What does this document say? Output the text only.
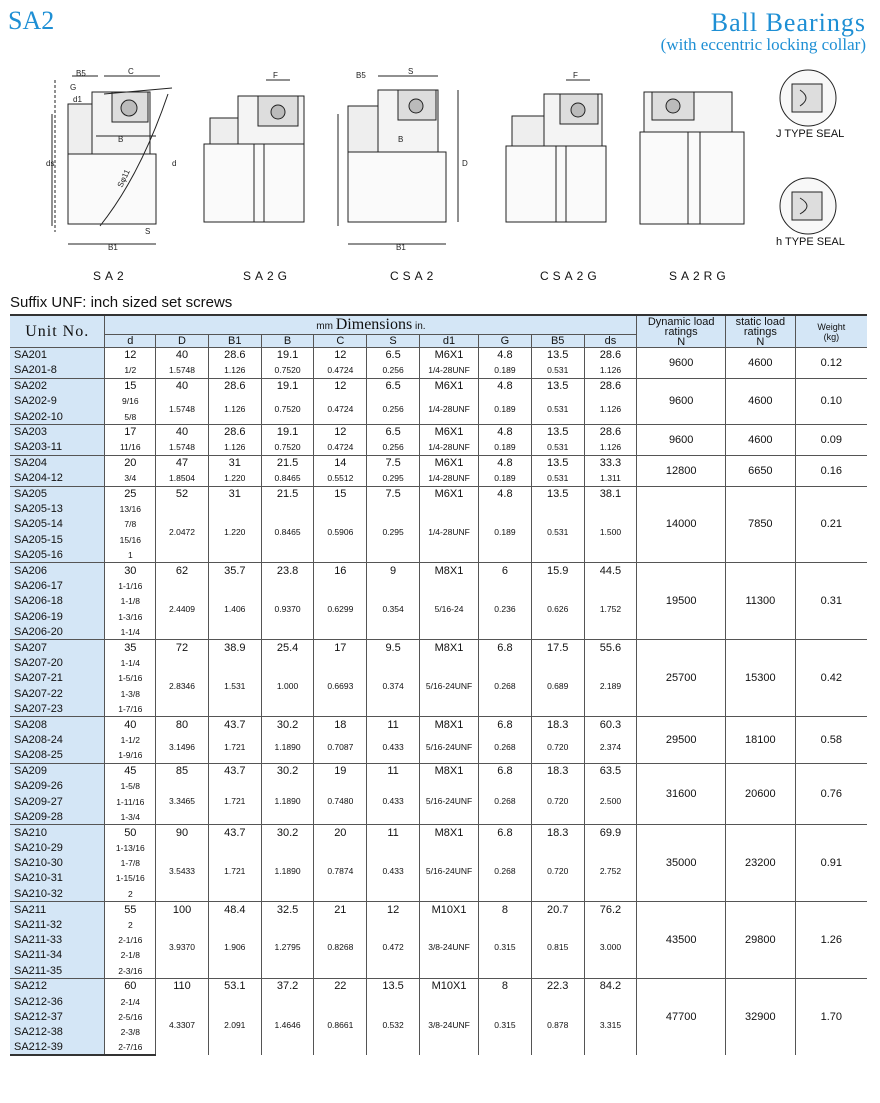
SA2	Ball Bearings
(with eccentric locking collar)
B5	C
G
d1
B
ds	d
B1
S
Sφ11
F	B5	S
B
D
B1
F
SA2	SA2G	CSA2	CSA2G	SA2RG
J TYPE SEAL
h TYPE SEAL
Suffix UNF: inch sized set screws
Unit No.	mm Dimensions in.										Dynamic load
ratings
N	static load
ratings
N	Weight
(kg)
	d	D	B1	B	C	S	d1	G	B5	ds			
SA201	12	40	28.6	19.1	12	6.5	M6X1	4.8	13.5	28.6	9600	4600	0.12
SA201-8	1/2	1.5748	1.126	0.7520	0.4724	0.256	1/4-28UNF	0.189	0.531	1.126			
SA202	15	40	28.6	19.1	12	6.5	M6X1	4.8	13.5	28.6	9600	4600	0.10
SA202-9	9/16	1.5748	1.126	0.7520	0.4724	0.256	1/4-28UNF	0.189	0.531	1.126			
SA202-10	5/8												
SA203	17	40	28.6	19.1	12	6.5	M6X1	4.8	13.5	28.6	9600	4600	0.09
SA203-11	11/16	1.5748	1.126	0.7520	0.4724	0.256	1/4-28UNF	0.189	0.531	1.126			
SA204	20	47	31	21.5	14	7.5	M6X1	4.8	13.5	33.3	12800	6650	0.16
SA204-12	3/4	1.8504	1.220	0.8465	0.5512	0.295	1/4-28UNF	0.189	0.531	1.311			
SA205	25	52	31	21.5	15	7.5	M6X1	4.8	13.5	38.1	14000	7850	0.21
SA205-13	13/16	2.0472	1.220	0.8465	0.5906	0.295	1/4-28UNF	0.189	0.531	1.500			
SA205-14	7/8												
SA205-15	15/16												
SA205-16	1												
SA206	30	62	35.7	23.8	16	9	M8X1	6	15.9	44.5	19500	11300	0.31
SA206-17	1-1/16	2.4409	1.406	0.9370	0.6299	0.354	5/16-24	0.236	0.626	1.752			
SA206-18	1-1/8												
SA206-19	1-3/16												
SA206-20	1-1/4												
SA207	35	72	38.9	25.4	17	9.5	M8X1	6.8	17.5	55.6	25700	15300	0.42
SA207-20	1-1/4	2.8346	1.531	1.000	0.6693	0.374	5/16-24UNF	0.268	0.689	2.189			
SA207-21	1-5/16												
SA207-22	1-3/8												
SA207-23	1-7/16												
SA208	40	80	43.7	30.2	18	11	M8X1	6.8	18.3	60.3	29500	18100	0.58
SA208-24	1-1/2	3.1496	1.721	1.1890	0.7087	0.433	5/16-24UNF	0.268	0.720	2.374			
SA208-25	1-9/16												
SA209	45	85	43.7	30.2	19	11	M8X1	6.8	18.3	63.5	31600	20600	0.76
SA209-26	1-5/8	3.3465	1.721	1.1890	0.7480	0.433	5/16-24UNF	0.268	0.720	2.500			
SA209-27	1-11/16												
SA209-28	1-3/4												
SA210	50	90	43.7	30.2	20	11	M8X1	6.8	18.3	69.9	35000	23200	0.91
SA210-29	1-13/16	3.5433	1.721	1.1890	0.7874	0.433	5/16-24UNF	0.268	0.720	2.752			
SA210-30	1-7/8												
SA210-31	1-15/16												
SA210-32	2												
SA211	55	100	48.4	32.5	21	12	M10X1	8	20.7	76.2	43500	29800	1.26
SA211-32	2	3.9370	1.906	1.2795	0.8268	0.472	3/8-24UNF	0.315	0.815	3.000			
SA211-33	2-1/16												
SA211-34	2-1/8												
SA211-35	2-3/16												
SA212	60	110	53.1	37.2	22	13.5	M10X1	8	22.3	84.2	47700	32900	1.70
SA212-36	2-1/4	4.3307	2.091	1.4646	0.8661	0.532	3/8-24UNF	0.315	0.878	3.315			
SA212-37	2-5/16												
SA212-38	2-3/8												
SA212-39	2-7/16												
